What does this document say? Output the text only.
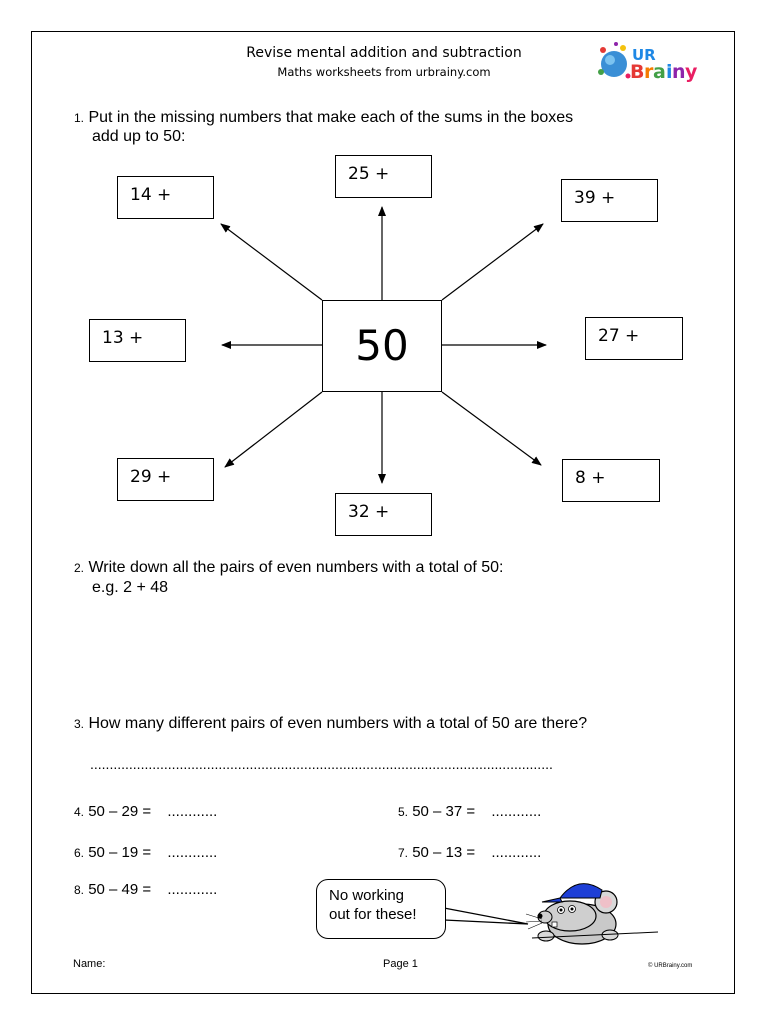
Revise mental addition and subtraction
Maths worksheets from urbrainy.com
UR
B r a i n y
1. Put in the missing numbers that make each of the sums in the boxes
add up to 50:
50
25 +
14 +	39 +
13 +	27 +
29 +
32 +
8 +
2. Write down all the pairs of even numbers with a total of 50:
e.g. 2 + 48
3. How many different pairs of even numbers with a total of 50 are there?
.......................................................................................................................
4. 50 – 29 = ............	5. 50 – 37 = ............
6. 50 – 19 = ............	7. 50 – 13 = ............
8. 50 – 49 = ............	No working
out for these!
Name:	Page 1	© URBrainy.com
